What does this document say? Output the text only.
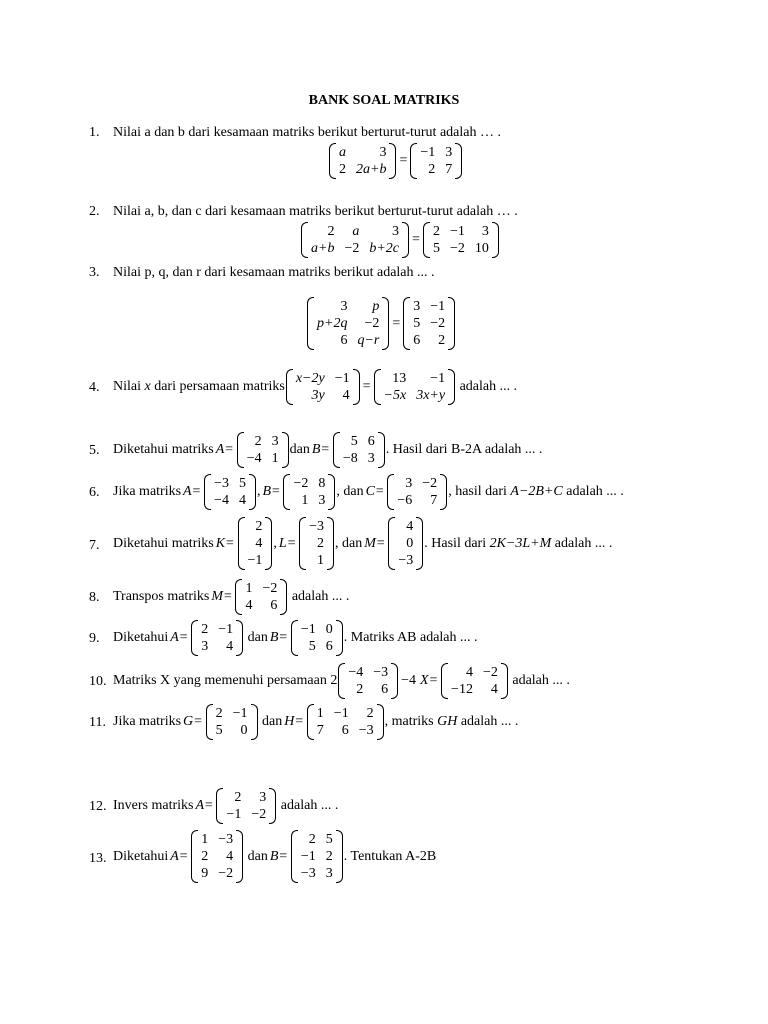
BANK SOAL MATRIKS
1. Nilai a dan b dari kesamaan matriks berikut berturut-turut adalah … .
a	3
2 2a+b
=
−1 3
2 7
2. Nilai a, b, dan c dari kesamaan matriks berikut berturut-turut adalah … .
2	a	3
a+b −2 b+2c
=
2 −1	3
5 −2 10
3. Nilai p, q, dan r dari kesamaan matriks berikut adalah ... .
3	p
p+2q	−2
6 q−r
=
3 −1
5 −2
6	2
4. Nilai
x
dari persamaan matriks
x−2y −1
3y	4
=
13	−1
−5x 3x+y

adalah ... .
5. Diketahui matriks A=
2 3
−4 1
dan B=
5 6
−8 3
. Hasil dari B-2A adalah ... .
6. Jika matriks A=
−3 5
−4 4
, B=
−2 8
1 3
, dan C=
3 −2
−6	7
, hasil dari
A−2B+C
adalah ... .
7. Diketahui matriks K=
2
4
−1
, L=
−3
2
1
, dan M=
4
0
−3
. Hasil dari
2K−3L+M
adalah ... .
8. Transpos matriks M=
1 −2
4	6

adalah ... .
9. Diketahui A=
2 −1
3	4

dan B=
−1 0
5 6
. Matriks AB adalah ... .
10. Matriks X yang memenuhi persamaan
2
−4 −3
2	6
−4 X=
4 −2
−12	4

adalah ... .
11. Jika matriks G=
2 −1
5	0

dan H=
1 −1	2
7	6 −3
, matriks
GH
adalah ... .
12. Invers matriks A=
2	3
−1 −2

adalah ... .
13. Diketahui A=
1 −3
2	4
9 −2

dan B=
2 5
−1 2
−3 3
. Tentukan A-2B
